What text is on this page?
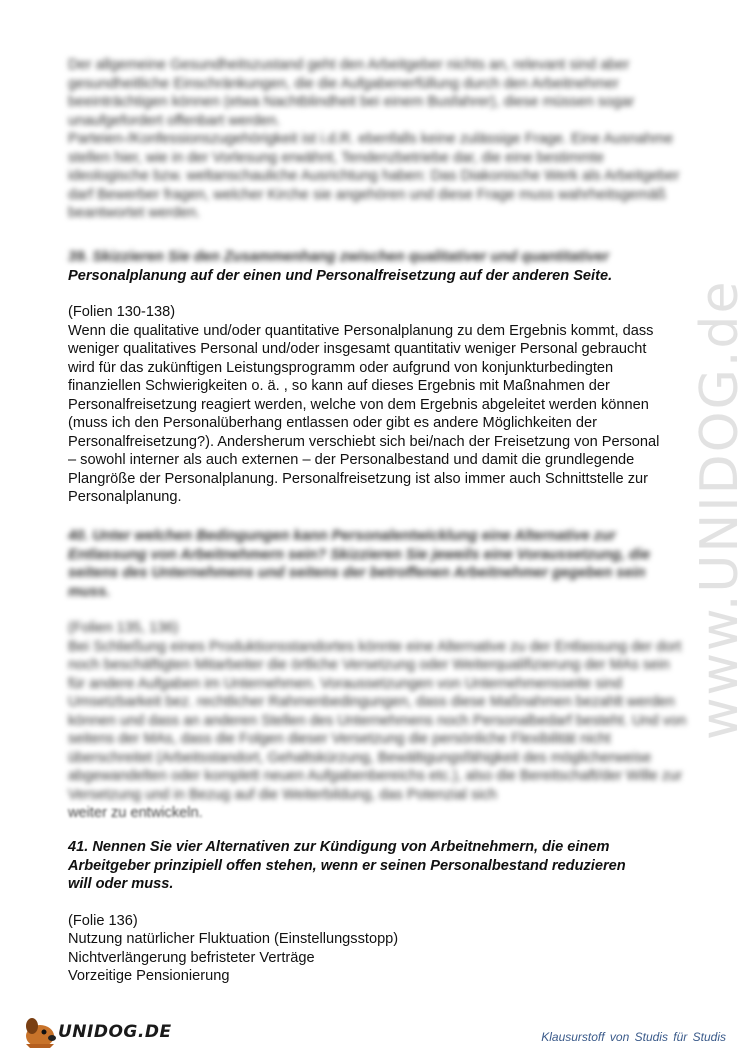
Der allgemeine Gesundheitszustand geht den Arbeitgeber nichts an, relevant sind aber gesundheitliche Einschränkungen, die die Aufgabenerfüllung durch den Arbeitnehmer beeinträchtigen können (etwa Nachtblindheit bei einem Busfahrer), diese müssen sogar unaufgefordert offenbart werden.

Parteien-/Konfessionszugehörigkeit ist i.d.R. ebenfalls keine zulässige Frage. Eine Ausnahme stellen hier, wie in der Vorlesung erwähnt, Tendenzbetriebe dar, die eine bestimmte ideologische bzw. weltanschauliche Ausrichtung haben: Das Diakonische Werk als Arbeitgeber darf Bewerber fragen, welcher Kirche sie angehören und diese Frage muss wahrheitsgemäß beantwortet werden.

39. Skizzieren Sie den Zusammenhang zwischen qualitativer und quantitativer

Personalplanung auf der einen und Personalfreisetzung auf der anderen Seite.

(Folien 130-138)

Wenn die qualitative und/oder quantitative Personalplanung zu dem Ergebnis kommt, dass

weniger qualitatives Personal und/oder insgesamt quantitativ weniger Personal gebraucht

wird für das zukünftigen Leistungsprogramm oder aufgrund von konjunkturbedingten

finanziellen Schwierigkeiten o. ä. , so kann auf dieses Ergebnis mit Maßnahmen der

Personalfreisetzung reagiert werden, welche von dem Ergebnis abgeleitet werden können

(muss ich den Personalüberhang entlassen oder gibt es andere Möglichkeiten der

Personalfreisetzung?). Andersherum verschiebt sich bei/nach der Freisetzung von Personal

– sowohl interner als auch externen – der Personalbestand und damit die grundlegende

Plangröße der Personalplanung. Personalfreisetzung ist also immer auch Schnittstelle zur

Personalplanung.

40. Unter welchen Bedingungen kann Personalentwicklung eine Alternative zur Entlassung von Arbeitnehmern sein? Skizzieren Sie jeweils eine Voraussetzung, die seitens des Unternehmens und seitens der betroffenen Arbeitnehmer gegeben sein muss.

(Folien 135, 136)

Bei Schließung eines Produktionsstandortes könnte eine Alternative zu der Entlassung der dort noch beschäftigten Mitarbeiter die örtliche Versetzung oder Weiterqualifizierung der MAs sein für andere Aufgaben im Unternehmen. Voraussetzungen von Unternehmensseite sind Umsetzbarkeit bez. rechtlicher Rahmenbedingungen, dass diese Maßnahmen bezahlt werden können und dass an anderen Stellen des Unternehmens noch Personalbedarf besteht. Und von seitens der MAs, dass die Folgen dieser Versetzung die persönliche Flexibilität nicht überschreitet (Arbeitsstandort, Gehaltskürzung, Bewältigungsfähigkeit des möglicherweise abgewandelten oder komplett neuen Aufgabenbereichs etc.), also die Bereitschaft/der Wille zur Versetzung und in Bezug auf die Weiterbildung, das Potenzial sich

weiter zu entwickeln.

41. Nennen Sie vier Alternativen zur Kündigung von Arbeitnehmern, die einem

Arbeitgeber prinzipiell offen stehen, wenn er seinen Personalbestand reduzieren

will oder muss.

(Folie 136)

Nutzung natürlicher Fluktuation (Einstellungsstopp)

Nichtverlängerung befristeter Verträge

Vorzeitige Pensionierung

www.UNIDOG.de
UNIDOG.DE	Klausurstoff von Studis für Studis
